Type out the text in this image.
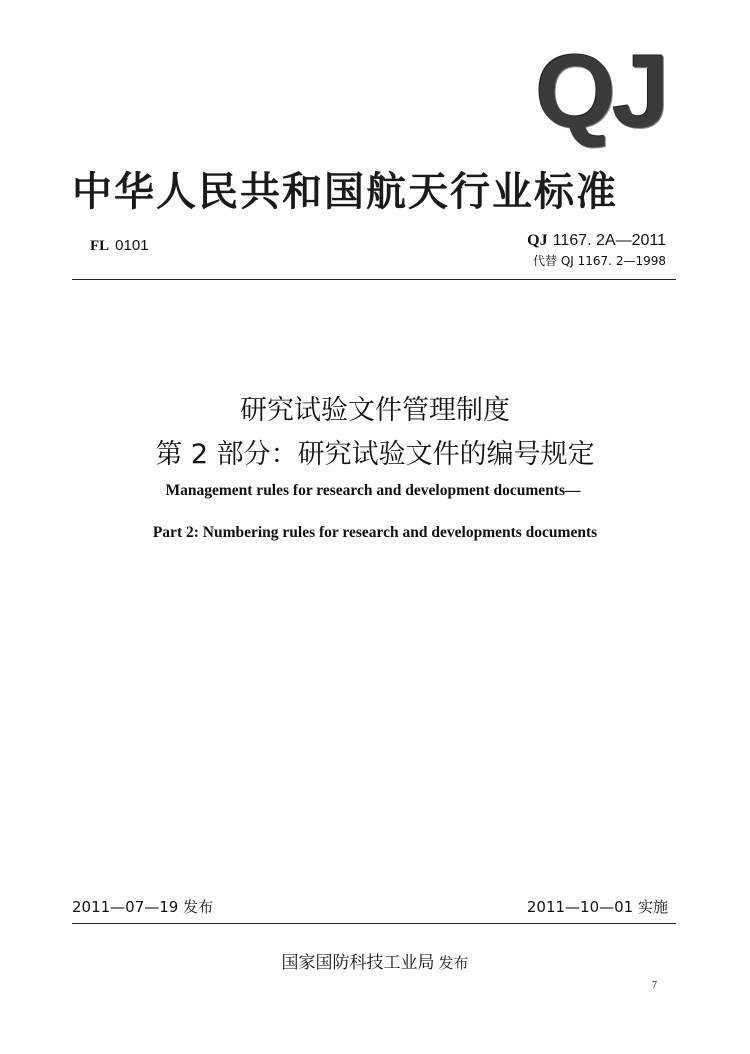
QJ
中华人民共和国航天行业标准
FL 0101	QJ 1167. 2A—2011
代替 QJ 1167. 2—1998
研究试验文件管理制度
第 2 部分：研究试验文件的编号规定
Management rules for research and development documents—
Part 2: Numbering rules for research and developments documents
2011—07—19 发布	2011—10—01 实施
国家国防科技工业局 发布
7
